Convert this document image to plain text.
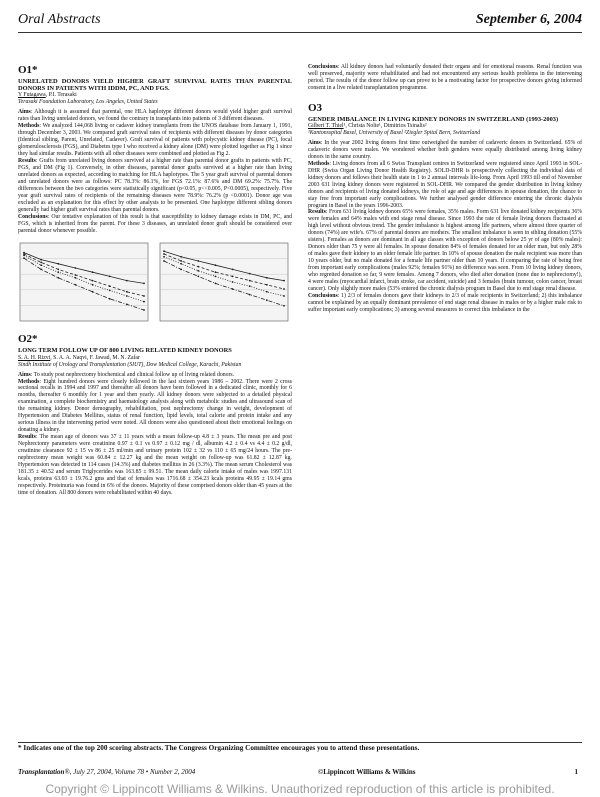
Oral Abstracts	September 6, 2004
O1*

UNRELATED DONORS YIELD HIGHER GRAFT SURVIVAL RATES THAN PARENTAL DONORS IN PATIENTS WITH IDDM, PC, AND FGS.

Y Futagawa, P.I. Terasaki

Terasaki Foundation Laboratory, Los Angeles, United States

Aims: Although it is assumed that parental, one HLA haplotype different donors would yield higher graft survival rates than living unrelated donors, we found the contrary in transplants into patients of 3 different diseases.

Methods: We analyzed 144,068 living or cadaver kidney transplants from the UNOS database from January 1, 1991, through December 3, 2003. We compared graft survival rates of recipients with different diseases by donor categories (Identical sibling, Parent, Unrelated, Cadaver). Graft survival of patients with polycystic kidney disease (PC), focal glomerulosclerosis (FGS), and Diabetes type I who received a kidney alone (DM) were plotted together as Fig 1 since they had similar results. Patients with all other diseases were combined and plotted as Fig 2.

Results: Grafts from unrelated living donors survived at a higher rate than parental donor grafts in patients with PC, FGS, and DM (Fig 1). Conversely, in other diseases, parental donor grafts survived at a higher rate than living unrelated donors as expected, according to matching for HLA haplotypes. The 5 year graft survival of parental donors and unrelated donors were as follows: PC 78.3%: 86.1%, for FGS 72.1%: 87.6% and DM 69.2%: 75.7%. The differences between the two categories were statistically significant (p<0.05, p<<0.005, P<0.0005), respectively. Five year graft survival rates of recipients of the remaining diseases were 78.9%: 76.2% (p <0.0001). Donor age was excluded as an explanation for this effect by other analysis to be presented. One haplotype different sibling donors generally had higher graft survival rates than parental donors.

Conclusions: Our tentative explanation of this result is that susceptibility to kidney damage exists in DM, PC, and FGS, which is inherited from the parent. For these 3 diseases, an unrelated donor graft should be considered over parental donor whenever possible.

O2*

LONG TERM FOLLOW UP OF 800 LIVING RELATED KIDNEY DONORS

S. A. H. Rizvi, S. A. A. Naqvi, F. Jawad, M. N. Zafar

Sindh Institute of Urology and Transplantation (SIUT), Dow Medical College, Karachi, Pakistan

Aims: To study post nephrectomy biochemical and clinical follow up of living related donors.

Methods: Eight hundred donors were closely followed in the last sixteen years 1986 – 2002. There were 2 cross sectional recalls in 1994 and 1997 and thereafter all donors have been followed in a dedicated clinic, monthly for 6 months, thereafter 6 monthly for 1 year and then yearly. All kidney donors were subjected to a detailed physical examination, a complete biochemistry and haematology analysis along with metabolic studies and ultrasound scan of the remaining kidney. Donor demography, rehabilitation, post nephrectomy change in weight, development of Hypertension and Diabetes Mellitus, status of renal function, lipid levels, total calorie and protein intake and any serious illness in the intervening period were noted. All donors were also questioned about their emotional feelings on donating a kidney.

Results: The mean age of donors was 37 ± 11 years with a mean follow-up 4.8 ± 3 years. The mean pre and post Nephrectomy parameters were creatinine 0.97 ± 0.1 vs 0.97 ± 0.12 mg / dl, albumin 4.2 ± 0.4 vs 4.4 ± 0.2 g/dl, creatinine clearance 92 ± 15 vs 86 ± 25 ml/min and urinary protein 102 ± 32 vs 110 ± 65 mg/24 hours. The pre-nephrectomy mean weight was 60.84 ± 12.27 kg and the mean weight on follow-up was 61.82 ± 12.87 kg. Hypertension was detected in 114 cases (14.3%) and diabetes mellitus in 26 (3.3%). The mean serum Cholesterol was 181.35 ± 40.52 and serum Triglycerides was 163.85 ± 99.51. The mean daily calorie intake of males was 1997.131 kcals, proteins 63.03 ± 19.76.2 gms and that of females was 1716.68 ± 354.23 kcals proteins 49.95 ± 19.14 gms respectively. Proteinuria was found in 6% of the donors. Majority of these comprised donors older than 45 years at the time of donation. All 800 donors were rehabilitated within 40 days.

Conclusions: All kidney donors had voluntarily donated their organs and for emotional reasons. Renal function was well preserved, majority were rehabilitated and had not encountered any serious health problems in the intervening period. The results of the donor follow up can prove to be a motivating factor for prospective donors giving informed consent in a live related transplantation programme.

O3

GENDER IMBALANCE IN LIVING KIDNEY DONORS IN SWITZERLAND (1993-2003)

Gilbert T. Thiel¹, Christa Nolte¹, Dimitrios Tsinalis²

¹Kantonsspital Basel, University of Basel ²Ziegler Spital Bern, Switzerland

Aims: In the year 2002 living donors first time outweighed the number of cadaveric donors in Switzerland. 65% of cadaveric donors were males. We wondered whether both genders were equally distributed among living kidney donors in the same country.

Methods: Living donors from all 6 Swiss Transplant centres in Switzerland were registered since April 1993 in SOL-DHR (Swiss Organ Living Donor Health Registry). SOLD-DHR is prospectively collecting the individual data of kidney donors and follows their health state in 1 to 2 annual intervals life-long. From April 1993 till end of November 2003 631 living kidney donors were registered in SOL-DHR. We compared the gender distribution in living kidney donors and recipients of living donated kidneys, the role of age and age differences in spouse donation, the chance to stay free from important early complications. We further analysed gender difference entering the chronic dialysis program in Basel in the years 1996-2003.

Results: From 631 living kidney donors 65% were females, 35% males. Form 631 live donated kidney recipients 36% were females and 64% males with end stage renal disease. Since 1993 the rate of female living donors fluctuated at high level without obvious trend. The gender imbalance is highest among life partners, where almost three quarter of donors (74%) are wife's. 67% of parental donors are mothers. The smallest imbalance is seen in sibling donation (55% sisters). Females as donors are dominant in all age classes with exception of donors below 25 yr of age (80% males): Donors older than 75 y were all females. In spouse donation 84% of females donated for an older man, but only 28% of males gave their kidney to an older female life partner. In 10% of spouse donation the male recipient was more than 10 years older, but no male donated for a female life partner older than 10 years. If comparing the rate of being free from important early complications (males 92%; females 91%) no difference was seen. From 10 living kidney donors, who regretted donation so far, 9 were females. Among 7 donors, who died after donation (none due to nephrectomy!), 4 were males (myocardial infarct, brain stroke, car accident, suicide) and 3 females (brain tumour, colon cancer, breast cancer). Only slightly more males (53% entered the chronic dialysis program in Basel due to end stage renal disease.

Conclusions: 1) 2/3 of females donors gave their kidneys to 2/3 of male recipients in Switzerland; 2) this imbalance cannot be explained by an equally dominant prevalence of end stage renal disease in males or by a higher male risk to suffer important early complications; 3) among several measures to correct this imbalance in the

* Indicates one of the top 200 scoring abstracts. The Congress Organizing Committee encourages you to attend these presentations.
Transplantation®, July 27, 2004, Volume 78 • Number 2, 2004	©Lippincott Williams & Wilkins	1
Copyright © Lippincott Williams & Wilkins. Unauthorized reproduction of this article is prohibited.
